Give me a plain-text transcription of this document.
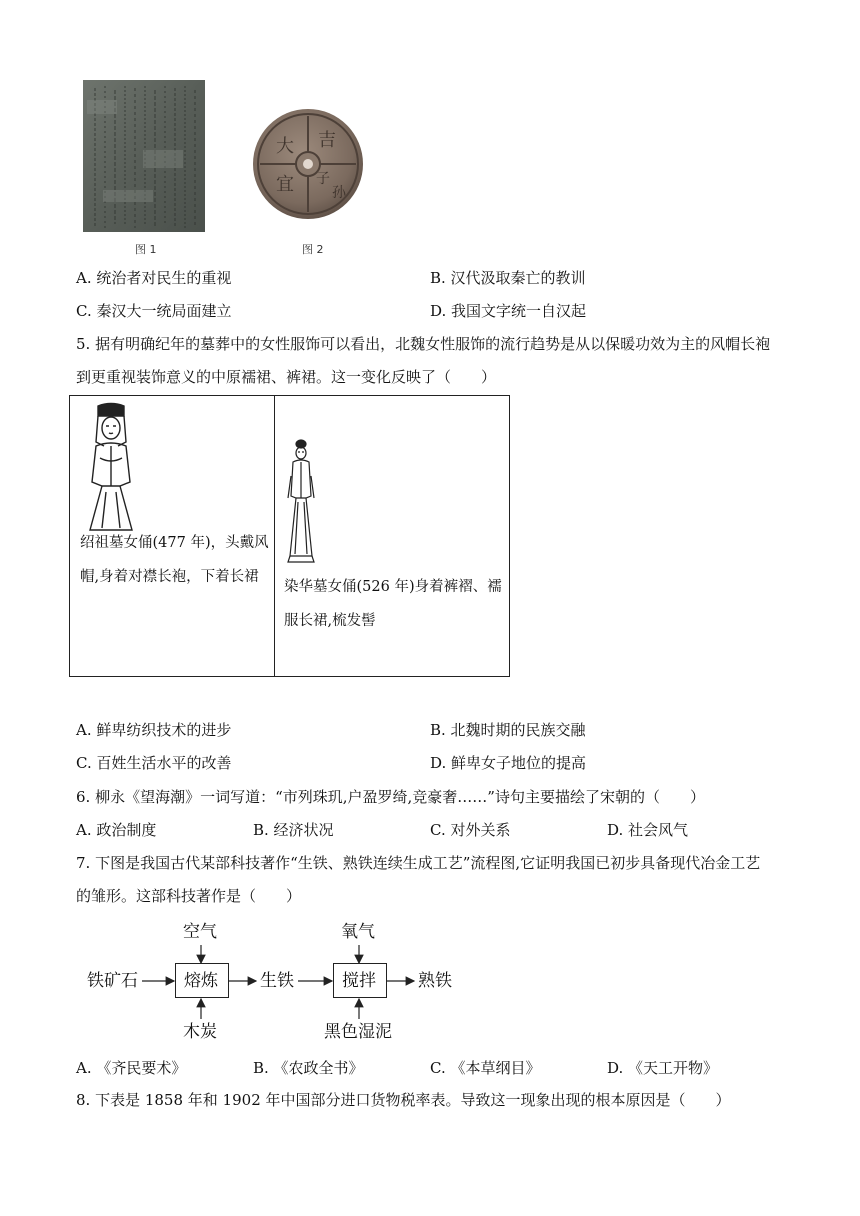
图 1
大 吉
宜 子
孙
图 2
A. 统治者对民生的重视	B. 汉代汲取秦亡的教训
C. 秦汉大一统局面建立	D. 我国文字统一自汉起
5. 据有明确纪年的墓葬中的女性服饰可以看出，北魏女性服饰的流行趋势是从以保暖功效为主的风帽长袍
到更重视装饰意义的中原襦裙、裤裙。这一变化反映了（　　）
绍祖墓女俑(477 年)，头戴风
帽,身着对襟长袍，下着长裙
染华墓女俑(526 年)身着裤褶、襦
服长裙,梳发髻
A. 鲜卑纺织技术的进步	B. 北魏时期的民族交融
C. 百姓生活水平的改善	D. 鲜卑女子地位的提高
6. 柳永《望海潮》一词写道：“市列珠玑,户盈罗绮,竞豪奢……”诗句主要描绘了宋朝的（　　）
A. 政治制度	B. 经济状况	C. 对外关系	D. 社会风气
7. 下图是我国古代某部科技著作“生铁、熟铁连续生成工艺”流程图,它证明我国已初步具备现代冶金工艺
的雏形。这部科技著作是（　　）
铁矿石
空气
熔炼
木炭
生铁
氧气
搅拌
黑色湿泥
熟铁
A. 《齐民要术》	B. 《农政全书》	C. 《本草纲目》	D. 《天工开物》
8. 下表是 1858 年和 1902 年中国部分进口货物税率表。导致这一现象出现的根本原因是（　　）
